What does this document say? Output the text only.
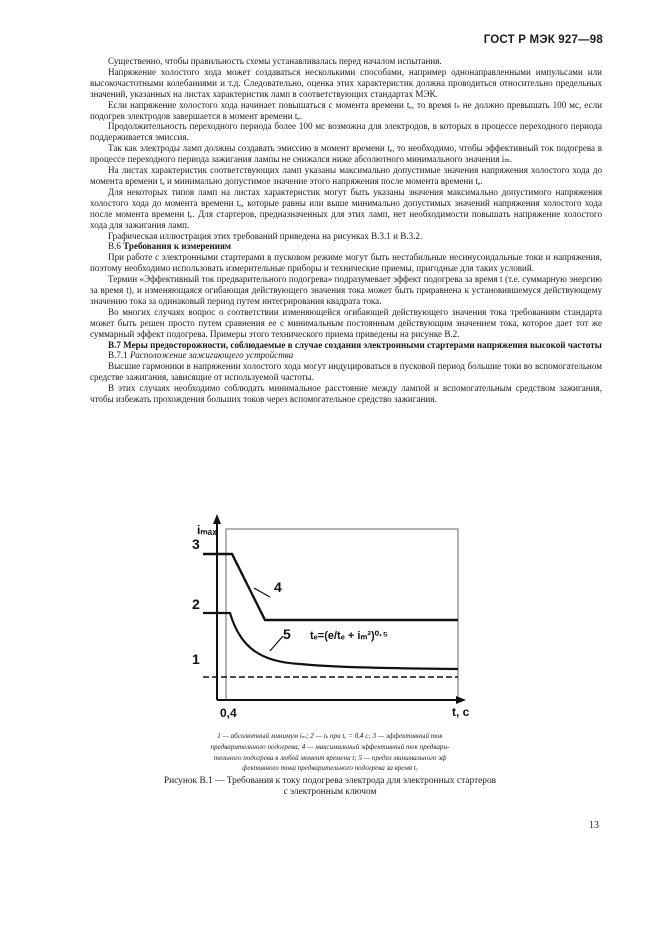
ГОСТ Р МЭК 927—98

Существенно, чтобы правильность схемы устанавливалась перед началом испытания.

Напряжение холостого хода может создаваться несколькими способами, например однонаправленными импульсами или высокочастотными колебаниями и т.д. Следовательно, оценка этих характеристик должна проводиться относительно предельных значений, указанных на листах характеристик ламп в соответствующих стандартах МЭК.

Если напряжение холостого хода начинает повышаться с момента времени tₑ, то время tₛ не должно превышать 100 мс, если подогрев электродов завершается в момент времени tₑ.

Продолжительность переходного периода более 100 мс возможна для электродов, в которых в процессе переходного периода поддерживается эмиссия.

Так как электроды ламп должны создавать эмиссию в момент времени tₑ, то необходимо, чтобы эффективный ток подогрева в процессе переходного периода зажигания лампы не снижался ниже абсолютного минимального значения iₘ.

На листах характеристик соответствующих ламп указаны максимально допустимые значения напряжения холостого хода до момента времени tₑ и минимально допустимое значение этого напряжения после момента времени tₑ.

Для некоторых типов ламп на листах характеристик могут быть указаны значения максимально допустимого напряжения холостого хода до момента времени tₑ, которые равны или выше минимально допустимых значений напряжения холостого хода после момента времени tₑ. Для стартеров, предназначенных для этих ламп, нет необходимости повышать напряжение холостого хода для зажигания ламп.

Графическая иллюстрация этих требований приведена на рисунках В.3.1 и В.3.2.

В.6 Требования к измерениям

При работе с электронными стартерами в пусковом режиме могут быть нестабильные несинусоидальные токи и напряжения, поэтому необходимо использовать измерительные приборы и технические приемы, пригодные для таких условий.

Термин «Эффективный ток предварительного подогрева» подразумевает эффект подогрева за время t (т.е. суммарную энергию за время t), и изменяющаяся огибающая действующего значения тока может быть приравнена к установившемуся действующему значению тока за одинаковый период путем интегрирования квадрата тока.

Во многих случаях вопрос о соответствии изменяющейся огибающей действующего значения тока требованиям стандарта может быть решен просто путем сравнения ее с минимальным постоянным действующим значением тока, которое дает тот же суммарный эффект подогрева. Примеры этого технического приема приведены на рисунке В.2.

В.7 Меры предосторожности, соблюдаемые в случае создания электронными стартерами напряжения высокой частоты

В.7.1 Расположение зажигающего устройства

Высшие гармоники в напряжении холостого хода могут индуцироваться в пусковой период большие токи во вспомогательном средстве зажигания, зависящие от используемой частоты.

В этих случаях необходимо соблюдать минимальное расстояние между лампой и вспомогательным средством зажигания, чтобы избежать прохождения больших токов через вспомогательное средство зажигания.

iₘₐₓ
3
2
1
4
5 tₑ=(e/tₑ + iₘ²)⁰·⁵
0,4	t, c
1 — абсолютный минимум iₘ; 2 — iₖ при tₑ = 0,4 с; 3 — эффективный ток
предварительного подогрева; 4 — максимальный эффективный ток предвари-
тельного подогрева в любой момент времени t; 5 — предел минимального эф
фективного тока предварительного подогрева за время tₑ
Рисунок В.1 — Требования к току подогрева электрода для электронных стартеров
с электронным ключом
13
